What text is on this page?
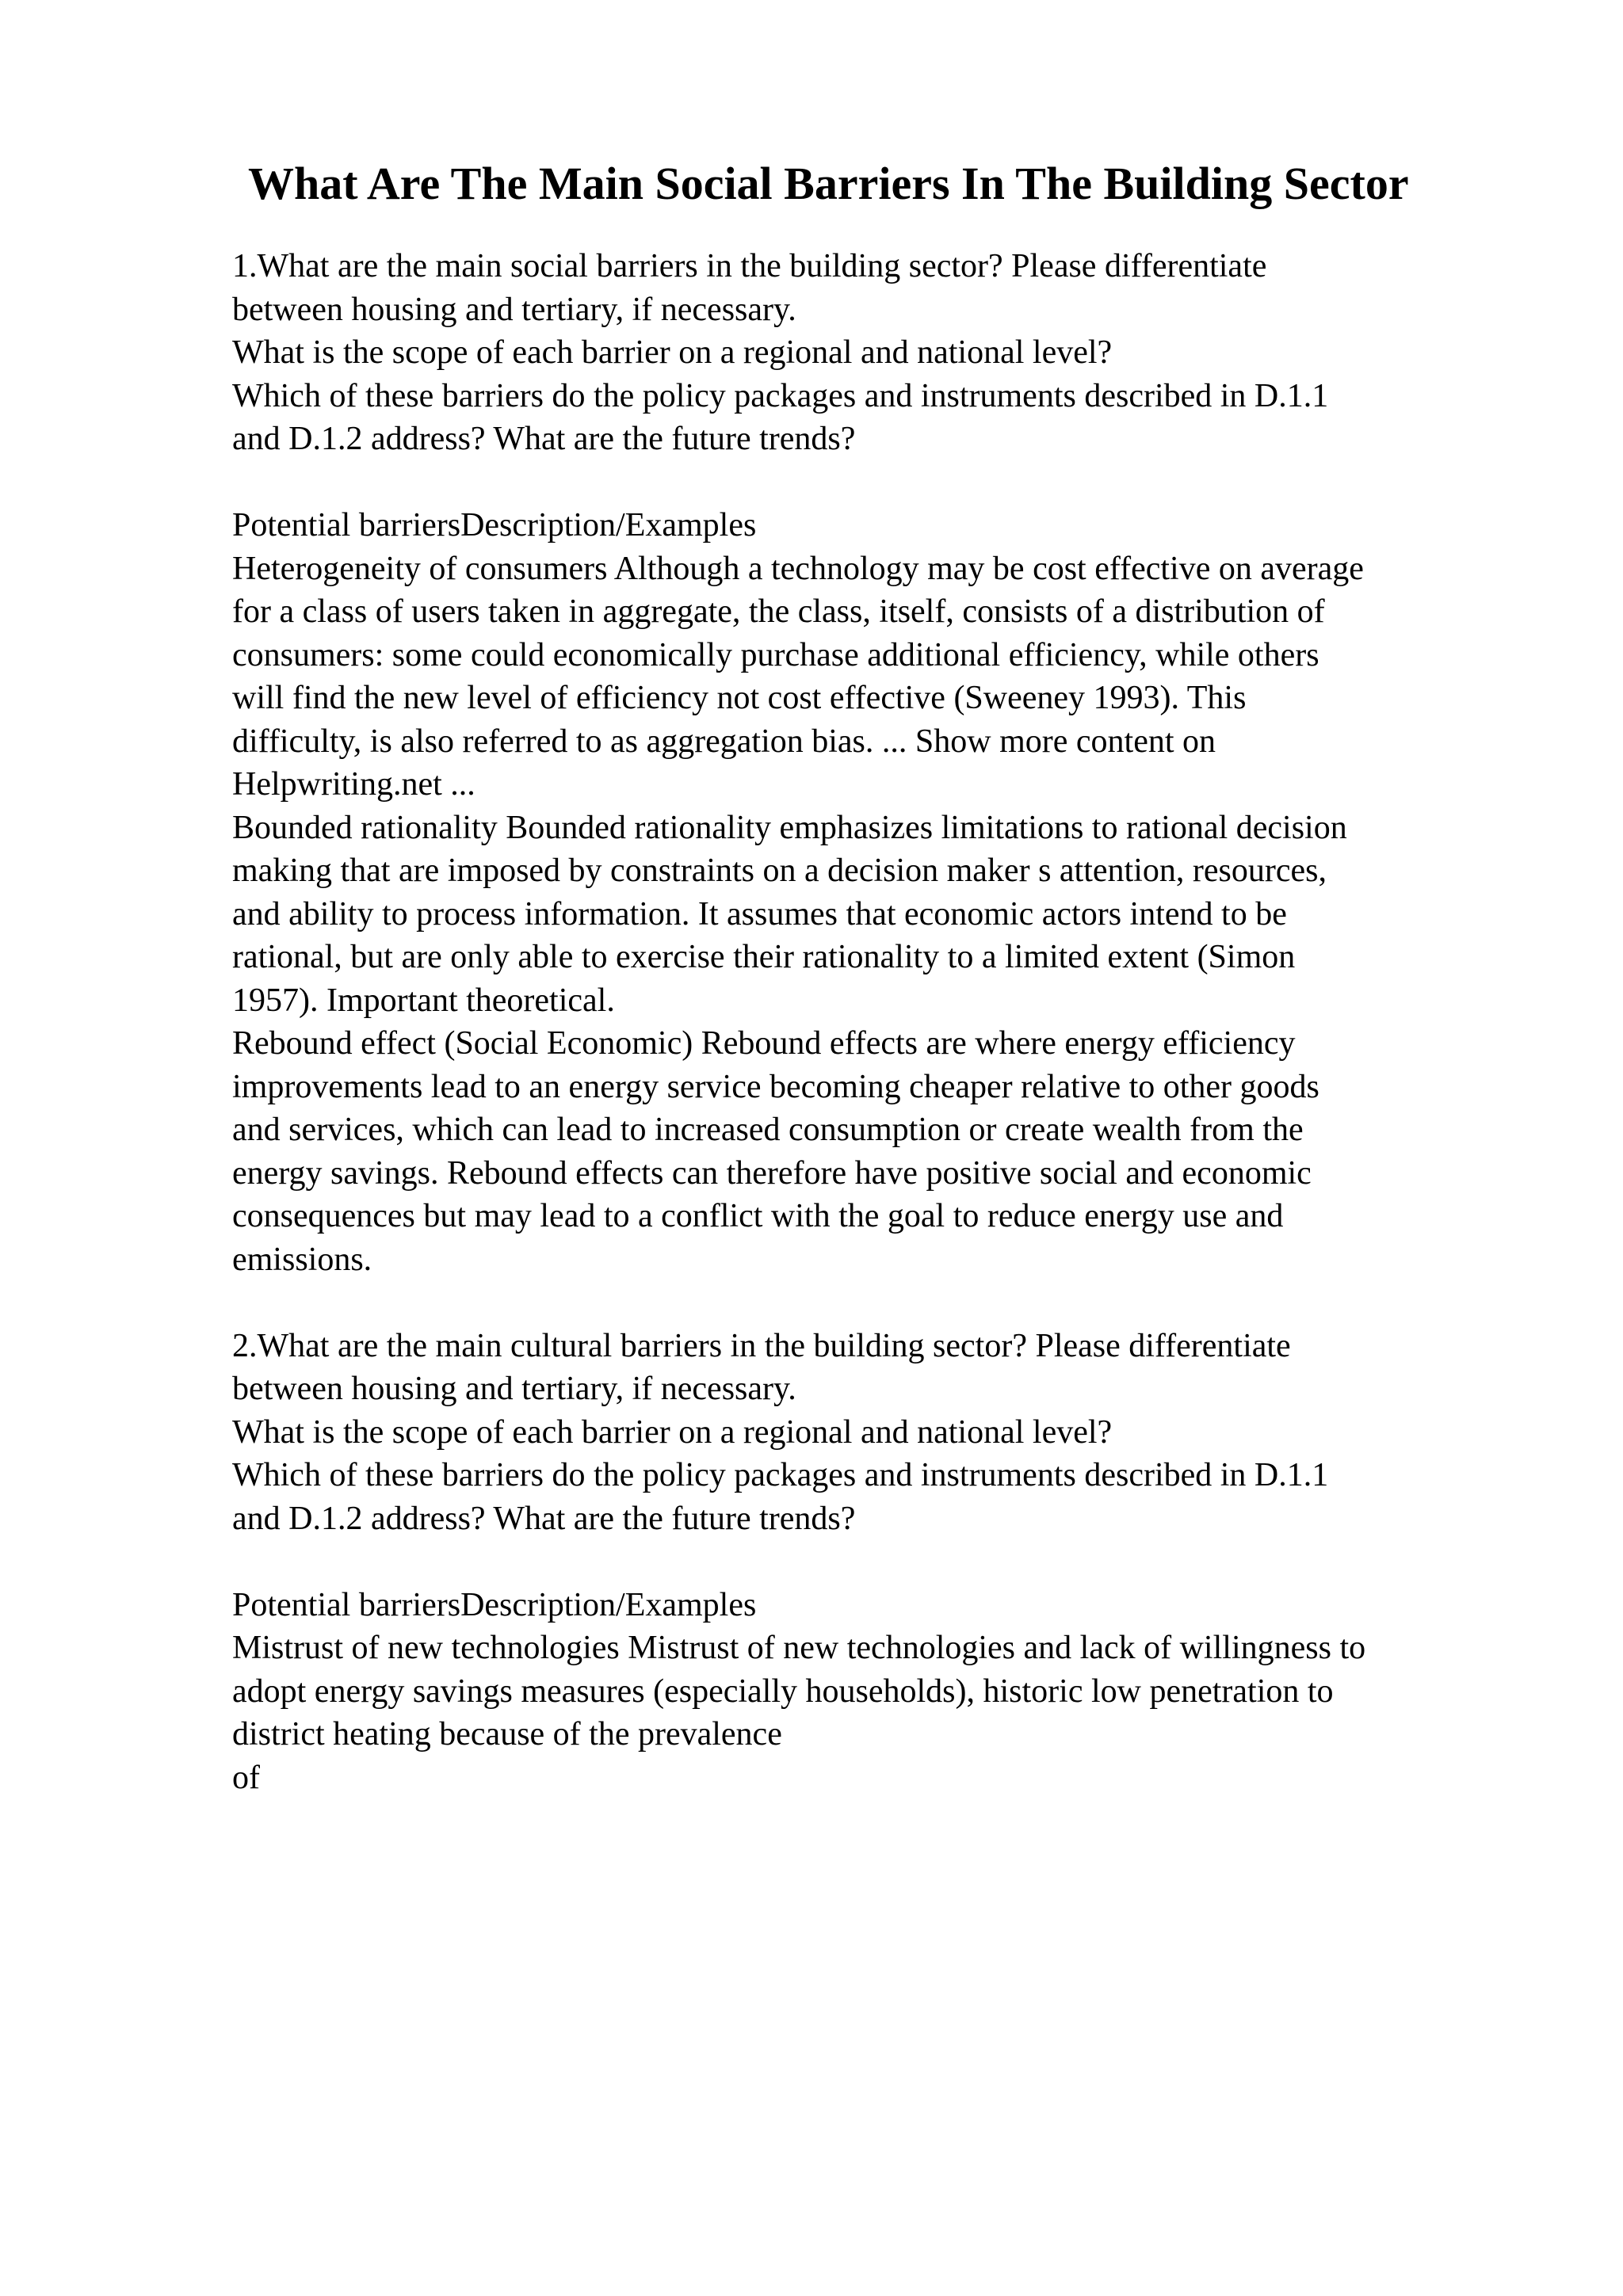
What Are The Main Social Barriers In The Building Sector
1.What are the main social barriers in the building sector? Please differentiate
between housing and tertiary, if necessary.
What is the scope of each barrier on a regional and national level?
Which of these barriers do the policy packages and instruments described in D.1.1
and D.1.2 address? What are the future trends?
Potential barriersDescription/Examples
Heterogeneity of consumers Although a technology may be cost effective on average
for a class of users taken in aggregate, the class, itself, consists of a distribution of
consumers: some could economically purchase additional efficiency, while others
will find the new level of efficiency not cost effective (Sweeney 1993). This
difficulty, is also referred to as aggregation bias. ... Show more content on
Helpwriting.net ...
Bounded rationality Bounded rationality emphasizes limitations to rational decision
making that are imposed by constraints on a decision maker s attention, resources,
and ability to process information. It assumes that economic actors intend to be
rational, but are only able to exercise their rationality to a limited extent (Simon
1957). Important theoretical.
Rebound effect (Social Economic) Rebound effects are where energy efficiency
improvements lead to an energy service becoming cheaper relative to other goods
and services, which can lead to increased consumption or create wealth from the
energy savings. Rebound effects can therefore have positive social and economic
consequences but may lead to a conflict with the goal to reduce energy use and
emissions.
2.What are the main cultural barriers in the building sector? Please differentiate
between housing and tertiary, if necessary.
What is the scope of each barrier on a regional and national level?
Which of these barriers do the policy packages and instruments described in D.1.1
and D.1.2 address? What are the future trends?
Potential barriersDescription/Examples
Mistrust of new technologies Mistrust of new technologies and lack of willingness to
adopt energy savings measures (especially households), historic low penetration to
district heating because of the prevalence
of
